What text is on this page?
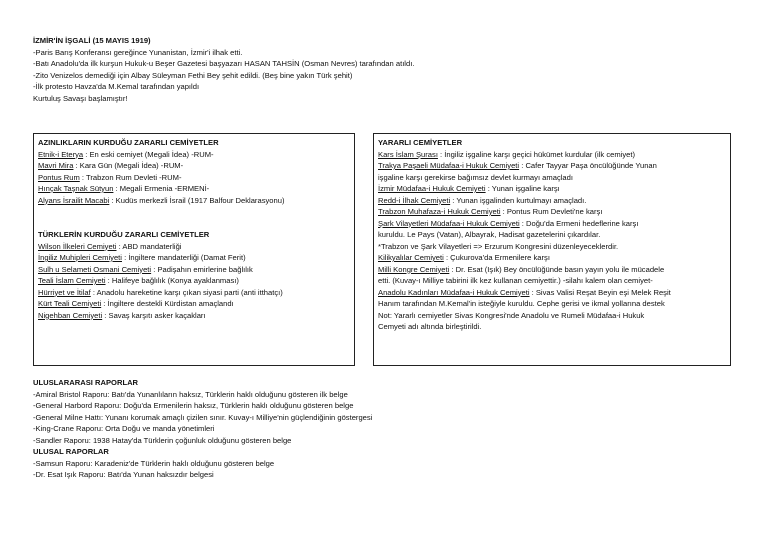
İZMİR'İN İŞGALİ (15 MAYIS 1919)
-Paris Barış Konferansı gereğince Yunanistan, İzmir'i ilhak etti.
-Batı Anadolu'da ilk kurşun Hukuk-u Beşer Gazetesi başyazarı HASAN TAHSİN (Osman Nevres) tarafından atıldı.
-Zito Venizelos demediği için Albay Süleyman Fethi Bey şehit edildi. (Beş bine yakın Türk şehit)
-İlk protesto Havza'da M.Kemal tarafından yapıldı
Kurtuluş Savaşı başlamıştır!
AZINLIKLARIN KURDUĞU ZARARLI CEMİYETLER
Etnik-i Eterya : En eski cemiyet (Megali İdea) -RUM-
Mavri Mira : Kara Gün (Megali İdea) -RUM-
Pontus Rum : Trabzon Rum Devleti -RUM-
Hınçak Taşnak Sütyun : Megali Ermenia -ERMENİ-
Alyans İsrailit Macabi : Kudüs merkezli İsrail (1917 Balfour Deklarasyonu)
TÜRKLERİN KURDUĞU ZARARLI CEMİYETLER
Wilson İlkeleri Cemiyeti : ABD mandaterliği
İngiliz Muhipleri Cemiyeti : İngiltere mandaterliği (Damat Ferit)
Sulh u Selameti Osmani Cemiyeti : Padişahın emirlerine bağlılık
Teali İslam Cemiyeti : Halifeye bağlılık (Konya ayaklanması)
Hürriyet ve İtilaf : Anadolu hareketine karşı çıkan siyasi parti (anti itthatçı)
Kürt Teali Cemiyeti : İngiltere destekli Kürdistan amaçlandı
Nigehban Cemiyeti : Savaş karşıtı asker kaçakları
YARARLI CEMİYETLER
Kars İslam Şurası : İngiliz işgaline karşı geçici hükümet kurdular (ilk cemiyet)
Trakya Paşaeli Müdafaa-i Hukuk Cemiyeti : Cafer Tayyar Paşa öncülüğünde Yunan
işgaline karşı gerekirse bağımsız devlet kurmayı amaçladı
İzmir Müdafaa-i Hukuk Cemiyeti : Yunan işgaline karşı
Redd-i İlhak Cemiyeti : Yunan işgalinden kurtulmayı amaçladı.
Trabzon Muhafaza-i Hukuk Cemiyeti : Pontus Rum Devleti'ne karşı
Şark Vilayetleri Müdafaa-i Hukuk Cemiyeti : Doğu'da Ermeni hedeflerine karşı
kuruldu. Le Pays (Vatan), Albayrak, Hadisat gazetelerini çıkardılar.
*Trabzon ve Şark Vilayetleri => Erzurum Kongresini düzenleyeceklerdir.
Kilikyalılar Cemiyeti : Çukurova'da Ermenilere karşı
Milli Kongre Cemiyeti : Dr. Esat (Işık) Bey öncülüğünde basın yayın yolu ile mücadele
etti. (Kuvay-ı Milliye tabirini ilk kez kullanan cemiyettir.) -silahı kalem olan cemiyet-
Anadolu Kadınları Müdafaa-i Hukuk Cemiyeti : Sivas Valisi Reşat Beyin eşi Melek Reşit
Hanım tarafından M.Kemal'in isteğiyle kuruldu. Cephe gerisi ve ikmal yollarına destek
Not: Yararlı cemiyetler Sivas Kongresi'nde Anadolu ve Rumeli Müdafaa-i Hukuk
Cemyeti adı altında birleştirildi.
ULUSLARARASI RAPORLAR
-Amiral Bristol Raporu: Batı'da Yunanlıların haksız, Türklerin haklı olduğunu gösteren ilk belge
-General Harbord Raporu: Doğu'da Ermenilerin haksız, Türklerin haklı olduğunu gösteren belge
-General Milne Hattı: Yunanı korumak amaçlı çizilen sınır. Kuvay-ı Milliye'nin güçlendiğinin göstergesi
-King-Crane Raporu: Orta Doğu ve manda yönetimleri
-Sandler Raporu: 1938 Hatay'da Türklerin çoğunluk olduğunu gösteren belge
ULUSAL RAPORLAR
-Samsun Raporu: Karadeniz'de Türklerin haklı olduğunu gösteren belge
-Dr. Esat Işık Raporu: Batı'da Yunan haksızdır belgesi
